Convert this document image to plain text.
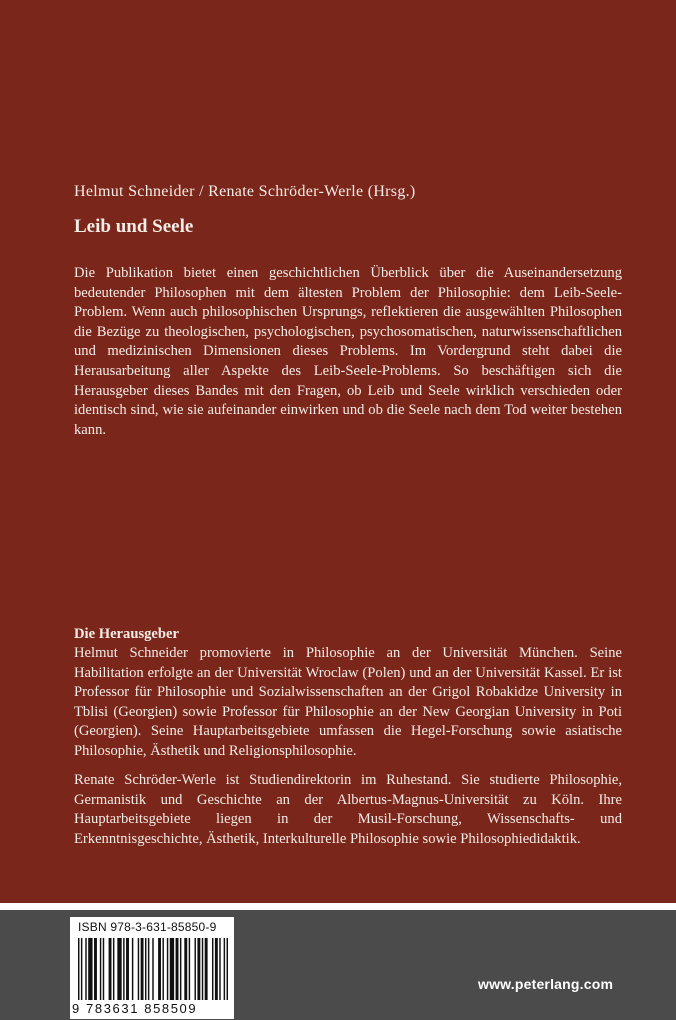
Helmut Schneider / Renate Schröder-Werle (Hrsg.)
Leib und Seele

Die Publikation bietet einen geschichtlichen Überblick über die Auseinandersetzung bedeutender Philosophen mit dem ältesten Problem der Philosophie: dem Leib-Seele-Problem. Wenn auch philosophischen Ursprungs, reflektieren die ausgewählten Philosophen die Bezüge zu theologischen, psychologischen, psychosomatischen, naturwissenschaftlichen und medizinischen Dimensionen dieses Problems. Im Vordergrund steht dabei die Herausarbeitung aller Aspekte des Leib-Seele-Problems. So beschäftigen sich die Herausgeber dieses Bandes mit den Fragen, ob Leib und Seele wirklich verschieden oder identisch sind, wie sie aufeinander einwirken und ob die Seele nach dem Tod weiter bestehen kann.

Die Herausgeber

Helmut Schneider promovierte in Philosophie an der Universität München. Seine Habilitation erfolgte an der Universität Wroclaw (Polen) und an der Universität Kassel. Er ist Professor für Philosophie und Sozialwissenschaften an der Grigol Robakidze University in Tblisi (Georgien) sowie Professor für Philosophie an der New Georgian University in Poti (Georgien). Seine Hauptarbeitsgebiete umfassen die Hegel-Forschung sowie asiatische Philosophie, Ästhetik und Religionsphilosophie.

Renate Schröder-Werle ist Studiendirektorin im Ruhestand. Sie studierte Philosophie, Germanistik und Geschichte an der Albertus-Magnus-Universität zu Köln. Ihre Hauptarbeitsgebiete liegen in der Musil-Forschung, Wissenschafts- und Erkenntnisgeschichte, Ästhetik, Interkulturelle Philosophie sowie Philosophiedidaktik.

ISBN 978-3-631-85850-9
9 783631 858509
www.peterlang.com
